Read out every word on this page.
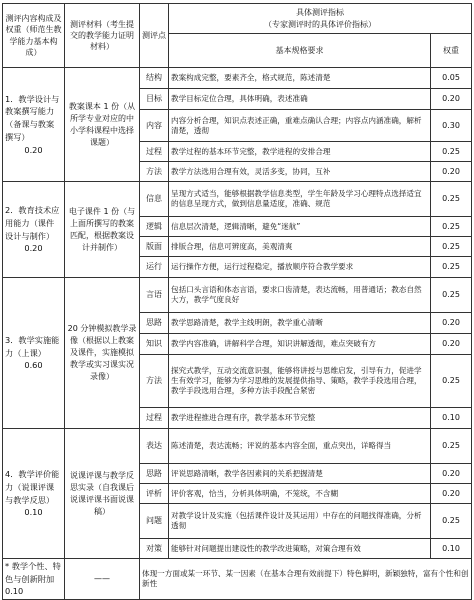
测评内容构成及权重（师范生教学能力基本构成）	测评材料（考生提交的教学能力证明材料）	测评点	具体测评指标
（专家测评时的具体评价指标）	

			基本规格要求	权重
1．教学设计与教案撰写能力（备课与教案撰写）
0.20	教案课本 1 份（从所学专业对应的中小学科课程中选择课题）	结构	教案构成完整，要素齐全，格式规范，陈述清楚	0.05
		目标	教学目标定位合理，具体明确，表述准确	0.20
		内容	内容分析合理，知识点表述正确，重难点确认合理；内容点内涵准确，解析清楚，透彻	0.30
		过程	教学过程的基本环节完整，教学进程的安排合理	0.25
		方法	教学方法选用合理有效，灵活多变，协同，互补	0.20
2．教育技术应用能力（课件设计与制作）
0.20	电子课件 1 份（与上面所撰写的教案匹配，根据教案设计并制作）	信息	呈现方式适当，能够根据教学信息类型，学生年龄及学习心理特点选择适宜的信息呈现方式，做到信息量适度，准确、规范	0.25
		逻辑	信息层次清楚，逻辑清晰，避免“迷航”	0.25
		版面	排版合理，信息可辨度高，美观清爽	0.25
		运行	运行操作方便，运行过程稳定，播放顺序符合教学要求	0.25
3．教学实施能力（上课）
0.60	20 分钟模拟教学录像（根据以上教案及课件，实施模拟教学或实习课实况录像）	言语	包括口头言语和体态言语，要求口齿清楚，表达流畅，用普通话；教态自然大方，教学气度良好	0.25
		思路	教学思路清楚，教学主线明朗，教学重心清晰	0.20
		知识	教学内容准确，讲解科学合理，知识讲解透彻，难点突破有方	0.20
		方法	探究式教学，互动交流意识强，能够将讲授与思维启发，引导有力，促进学生有效学习，能够为学习思维的发展提供指导、策略，教学手段选用合理，教学手段选用合理，多种方法手段配合紧密	0.25
		过程	教学进程推进合理有序，教学基本环节完整	0.10
4．教学评价能力（说课评课与教学反思）
0.10	说课评课与教学反思实录（自我课后说课评课书面说课稿）	表达	陈述清楚，表达流畅；评说的基本内容全面，重点突出，详略得当	0.25
		思路	评说思路清晰，教学各因素间的关系把握清楚	0.20
		评析	评价客观，恰当，分析具体明确，不笼统，不含糊	0.20
		问题	对教学设计及实施（包括课件设计及其运用）中存在的问题找得准确，分析透彻	0.25
		对策	能够针对问题提出建设性的教学改进策略，对策合理有效	0.10
* 教学个性、特色与创新附加 0.10	——	体现一方面或某一环节、某一因素（在基本合理有效前提下）特色鲜明，新颖独特，富有个性和创新性		
